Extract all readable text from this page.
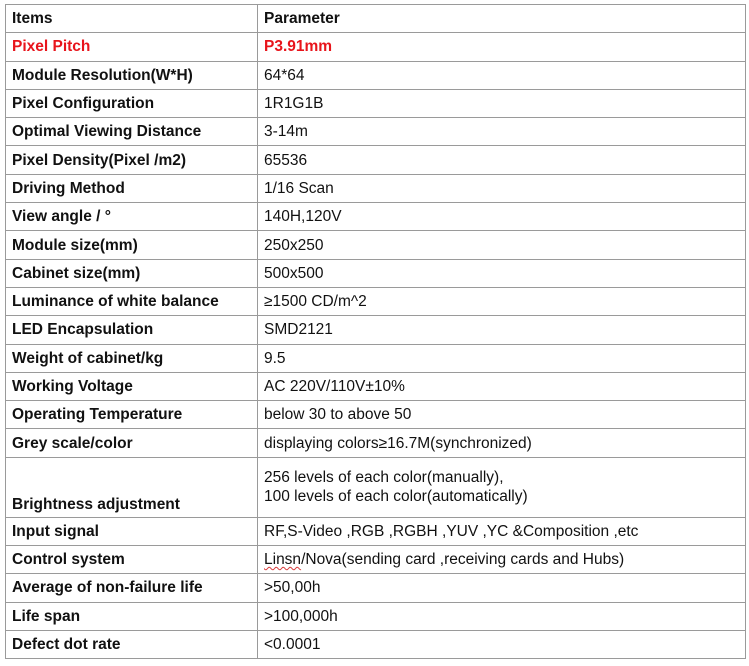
Items	Parameter
Pixel Pitch	P3.91mm
Module Resolution(W*H)	64*64
Pixel Configuration	1R1G1B
Optimal Viewing Distance	3-14m
Pixel Density(Pixel /m2)	65536
Driving Method	1/16 Scan
View angle / °	140H,120V
Module size(mm)	250x250
Cabinet size(mm)	500x500
Luminance of white balance	≥1500 CD/m^2
LED Encapsulation	SMD2121
Weight of cabinet/kg	9.5
Working Voltage	AC 220V/110V±10%
Operating Temperature	below 30 to above 50
Grey scale/color	displaying colors≥16.7M(synchronized)
Brightness adjustment	256 levels of each color(manually),
100 levels of each color(automatically)

Input signal	RF,S-Video ,RGB ,RGBH ,YUV ,YC &Composition ,etc
Control system	Linsn/Nova(sending card ,receiving cards and Hubs)
Average of non-failure life	>50,00h
Life span	>100,000h
Defect dot rate	<0.0001
